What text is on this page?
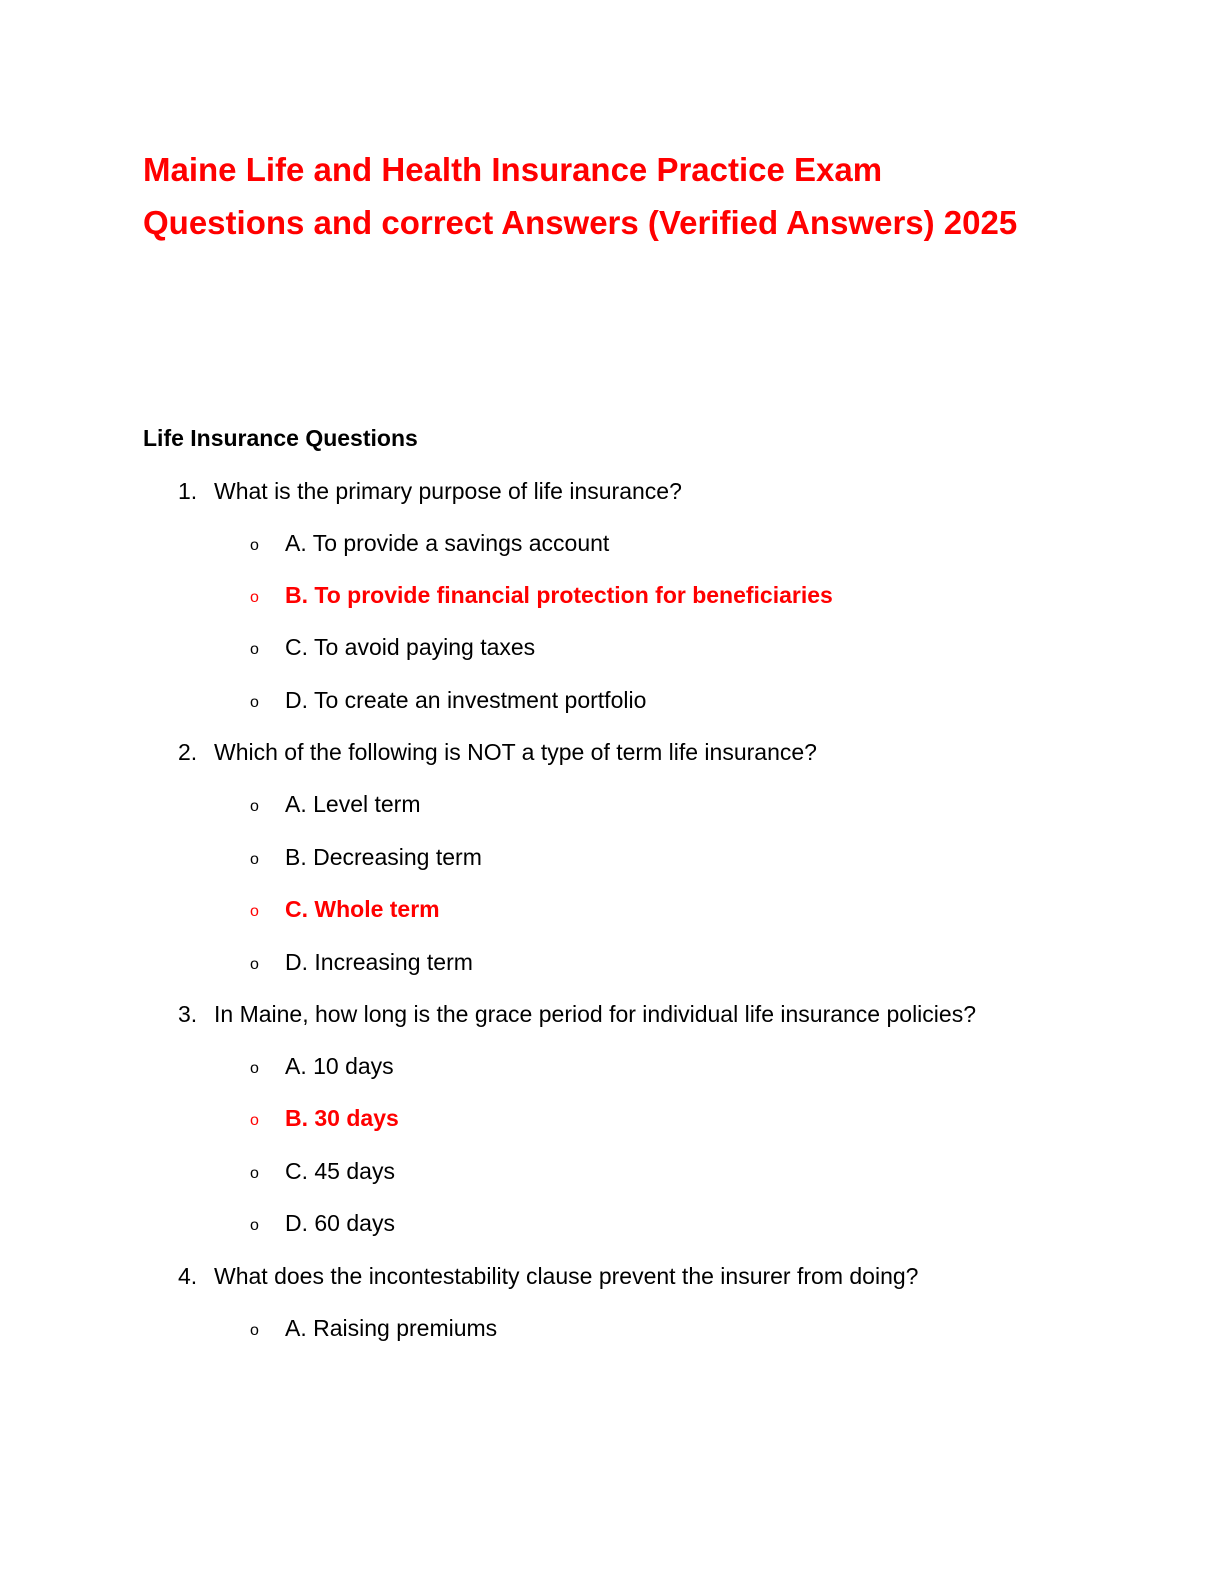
Maine Life and Health Insurance Practice Exam
Questions and correct Answers (Verified Answers) 2025
Life Insurance Questions
1. What is the primary purpose of life insurance?
o A. To provide a savings account
o B. To provide financial protection for beneficiaries
o C. To avoid paying taxes
o D. To create an investment portfolio
2. Which of the following is NOT a type of term life insurance?
o A. Level term
o B. Decreasing term
o C. Whole term
o D. Increasing term
3. In Maine, how long is the grace period for individual life insurance policies?
o A. 10 days
o B. 30 days
o C. 45 days
o D. 60 days
4. What does the incontestability clause prevent the insurer from doing?
o A. Raising premiums
